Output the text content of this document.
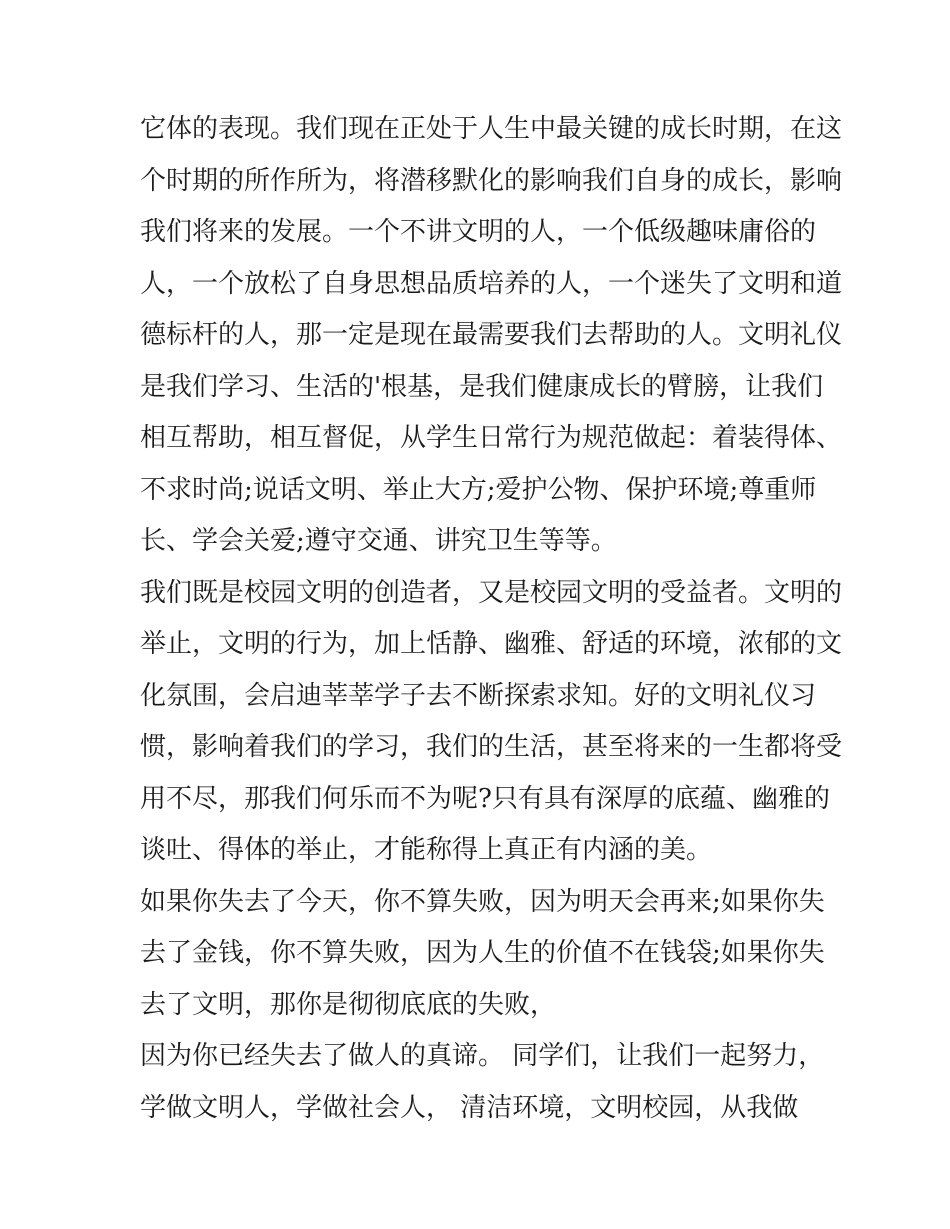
它体的表现。我们现在正处于人生中最关键的成长时期，在这
个时期的所作所为，将潜移默化的影响我们自身的成长，影响
我们将来的发展。一个不讲文明的人，一个低级趣味庸俗的
人，一个放松了自身思想品质培养的人，一个迷失了文明和道
德标杆的人，那一定是现在最需要我们去帮助的人。文明礼仪
是我们学习、生活的'根基，是我们健康成长的臂膀，让我们
相互帮助，相互督促，从学生日常行为规范做起：着装得体、
不求时尚;说话文明、举止大方;爱护公物、保护环境;尊重师
长、学会关爱;遵守交通、讲究卫生等等。
我们既是校园文明的创造者，又是校园文明的受益者。文明的
举止，文明的行为，加上恬静、幽雅、舒适的环境，浓郁的文
化氛围，会启迪莘莘学子去不断探索求知。好的文明礼仪习
惯，影响着我们的学习，我们的生活，甚至将来的一生都将受
用不尽，那我们何乐而不为呢?只有具有深厚的底蕴、幽雅的
谈吐、得体的举止，才能称得上真正有内涵的美。
如果你失去了今天，你不算失败，因为明天会再来;如果你失
去了金钱，你不算失败，因为人生的价值不在钱袋;如果你失
去了文明，那你是彻彻底底的失败，
因为你已经失去了做人的真谛。 同学们，让我们一起努力，
学做文明人，学做社会人， 清洁环境，文明校园，从我做
